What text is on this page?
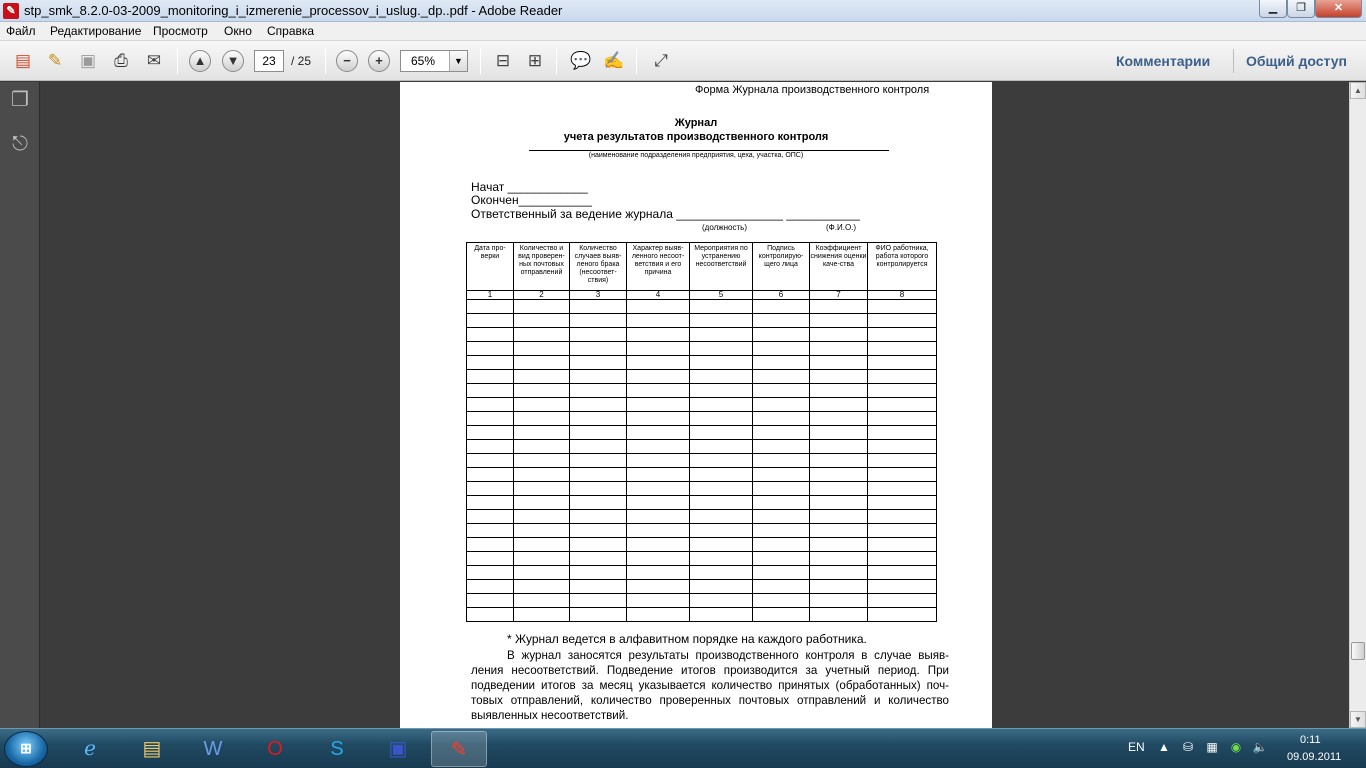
✎ stp_smk_8.2.0-03-2009_monitoring_i_izmerenie_processov_i_uslug._dp..pdf - Adobe Reader	▁	❐	✕
Файл Редактирование Просмотр Окно Справка
▤ ✎	▣	⎙	✉	▲	▼	23	/ 25	−	+	65%	▼	⊟	⊞	💬 ✍	⤢	Комментарии	Общий доступ
❐
⎋
Форма Журнала производственного контроля
Журнал
учета результатов производственного контроля
(наименование подразделения предприятия, цеха, участка, ОПС)
Начат ____________
Окончен___________
Ответственный за ведение журнала ________________ ___________
(должность)	(Ф.И.О.)
Дата про-верки	Количество и вид проверен-ных почтовых отправлений	Количество случаев выяв-леного брака (несоответ-ствия)	Характер выяв-ленного несоот-ветствия и его причина	Мероприятия по устранению несоответствий	Подпись контролирую-щего лица	Коэффициент снижения оценки каче-ства	ФИО работника, работа которого контролируется
1	2	3	4	5	6	7	8

* Журнал ведется в алфавитном порядке на каждого работника.
В журнал заносятся результаты производственного контроля в случае выяв-ления несоответствий. Подведение итогов производится за учетный период. При подведении итогов за месяц указывается количество принятых (обработанных) поч-товых отправлений, количество проверенных почтовых отправлений и количество выявленных несоответствий.
▲
▼
⊞	ℯ	▤	W	O	S	▣	✎	EN ▲ ⛁ ▦ ◉ 🔈	0:11
09.09.2011
